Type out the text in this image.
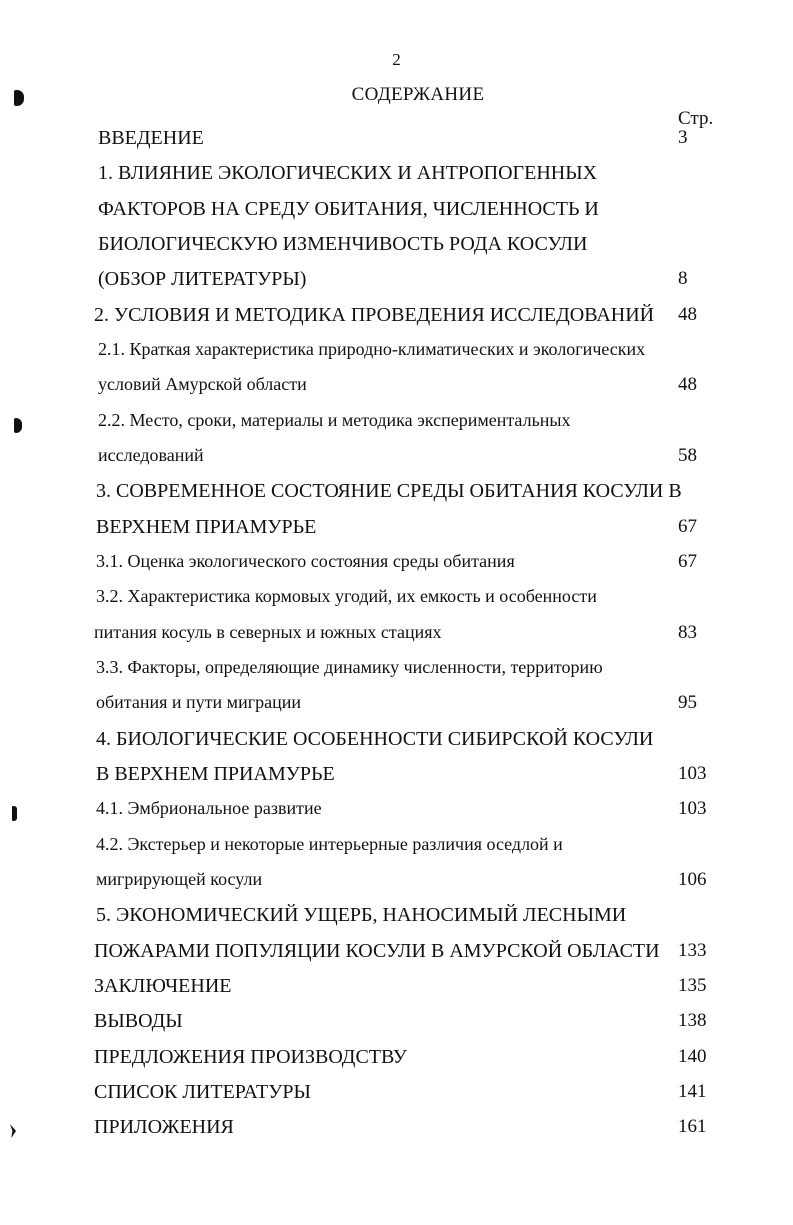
2
СОДЕРЖАНИЕ
Стр.
ВВЕДЕНИЕ	3
1. ВЛИЯНИЕ ЭКОЛОГИЧЕСКИХ И АНТРОПОГЕННЫХ
ФАКТОРОВ НА СРЕДУ ОБИТАНИЯ, ЧИСЛЕННОСТЬ И
БИОЛОГИЧЕСКУЮ ИЗМЕНЧИВОСТЬ РОДА КОСУЛИ
(ОБЗОР ЛИТЕРАТУРЫ)	8
2. УСЛОВИЯ И МЕТОДИКА ПРОВЕДЕНИЯ ИССЛЕДОВАНИЙ 48
2.1. Краткая характеристика природно-климатических и экологических
условий Амурской области	48
2.2. Место, сроки, материалы и методика экспериментальных
исследований	58
3. СОВРЕМЕННОЕ СОСТОЯНИЕ СРЕДЫ ОБИТАНИЯ КОСУЛИ В
ВЕРХНЕМ ПРИАМУРЬЕ	67
3.1. Оценка экологического состояния среды обитания	67
3.2. Характеристика кормовых угодий, их емкость и особенности
питания косуль в северных и южных стациях	83
3.3. Факторы, определяющие динамику численности, территорию
обитания и пути миграции	95
4. БИОЛОГИЧЕСКИЕ ОСОБЕННОСТИ СИБИРСКОЙ КОСУЛИ
В ВЕРХНЕМ ПРИАМУРЬЕ	103
4.1. Эмбриональное развитие	103
4.2. Экстерьер и некоторые интерьерные различия оседлой и
мигрирующей косули	106
5. ЭКОНОМИЧЕСКИЙ УЩЕРБ, НАНОСИМЫЙ ЛЕСНЫМИ
ПОЖАРАМИ ПОПУЛЯЦИИ КОСУЛИ В АМУРСКОЙ ОБЛАСТИ 133
ЗАКЛЮЧЕНИЕ	135
ВЫВОДЫ	138
ПРЕДЛОЖЕНИЯ ПРОИЗВОДСТВУ	140
СПИСОК ЛИТЕРАТУРЫ	141
ПРИЛОЖЕНИЯ	161
